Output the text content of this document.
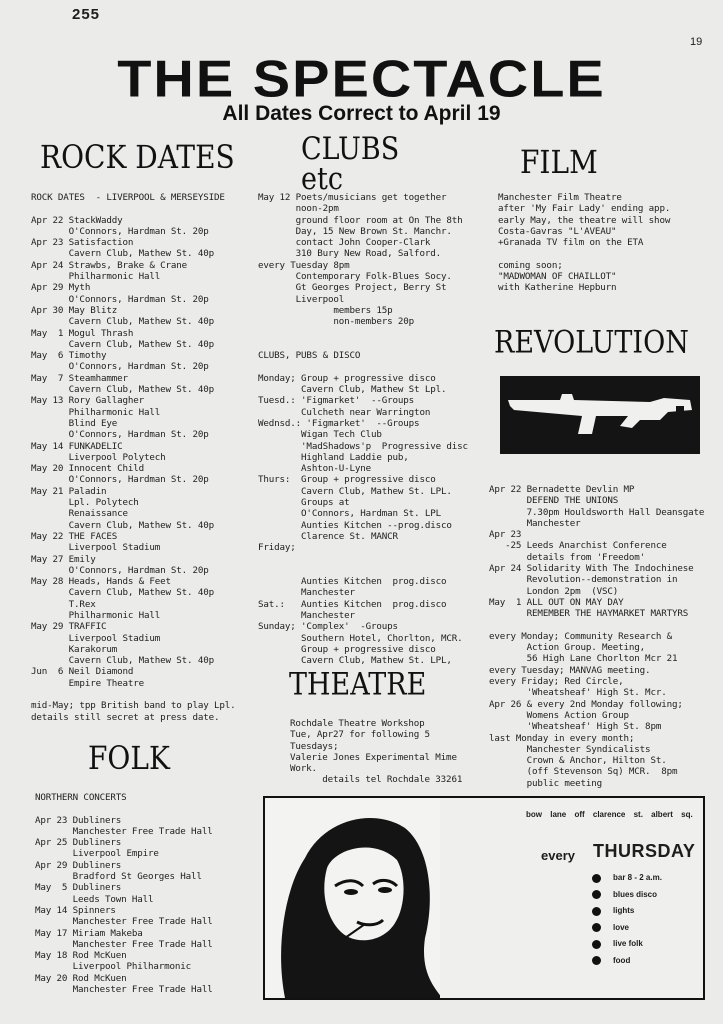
255
19
THE SPECTACLE
All Dates Correct to April 19
ROCK DATES
ROCK DATES  - LIVERPOOL & MERSEYSIDE
Apr 22 StackWaddy
O'Connors, Hardman St. 20p
Apr 23 Satisfaction
Cavern Club, Mathew St. 40p
Apr 24 Strawbs, Brake & Crane
Philharmonic Hall
Apr 29 Myth
O'Connors, Hardman St. 20p
Apr 30 May Blitz
Cavern Club, Mathew St. 40p
May  1 Mogul Thrash
Cavern Club, Mathew St. 40p
May  6 Timothy
O'Connors, Hardman St. 20p
May  7 Steamhammer
Cavern Club, Mathew St. 40p
May 13 Rory Gallagher
Philharmonic Hall
Blind Eye
O'Connors, Hardman St. 20p
May 14 FUNKADELIC
Liverpool Polytech
May 20 Innocent Child
O'Connors, Hardman St. 20p
May 21 Paladin
Lpl. Polytech
Renaissance
Cavern Club, Mathew St. 40p
May 22 THE FACES
Liverpool Stadium
May 27 Emily
O'Connors, Hardman St. 20p
May 28 Heads, Hands & Feet
Cavern Club, Mathew St. 40p
T.Rex
Philharmonic Hall
May 29 TRAFFIC
Liverpool Stadium
Karakorum
Cavern Club, Mathew St. 40p
Jun  6 Neil Diamond
Empire Theatre
mid-May; tpp British band to play Lpl.
details still secret at press date.
FOLK
NORTHERN CONCERTS
Apr 23 Dubliners
Manchester Free Trade Hall
Apr 25 Dubliners
Liverpool Empire
Apr 29 Dubliners
Bradford St Georges Hall
May  5 Dubliners
Leeds Town Hall
May 14 Spinners
Manchester Free Trade Hall
May 17 Miriam Makeba
Manchester Free Trade Hall
May 18 Rod McKuen
Liverpool Philharmonic
May 20 Rod McKuen
Manchester Free Trade Hall
CLUBS
etc
May 12 Poets/musicians get together
noon-2pm
ground floor room at On The 8th
Day, 15 New Brown St. Manchr.
contact John Cooper-Clark
310 Bury New Road, Salford.
every Tuesday 8pm
Contemporary Folk-Blues Socy.
Gt Georges Project, Berry St
Liverpool
members 15p
non-members 20p
CLUBS, PUBS & DISCO
Monday; Group + progressive disco
Cavern Club, Mathew St Lpl.
Tuesd.: 'Figmarket'  --Groups
Culcheth near Warrington
Wednsd.: 'Figmarket'  --Groups
Wigan Tech Club
'MadShadows'p  Progressive disc
Highland Laddie pub,
Ashton-U-Lyne
Thurs:  Group + progressive disco
Cavern Club, Mathew St. LPL.
Groups at
O'Connors, Hardman St. LPL
Aunties Kitchen --prog.disco
Clarence St. MANCR
Friday;
Aunties Kitchen  prog.disco
Manchester
Sat.:   Aunties Kitchen  prog.disco
Manchester
Sunday; 'Complex'  -Groups
Southern Hotel, Chorlton, MCR.
Group + progressive disco
Cavern Club, Mathew St. LPL,
THEATRE
Rochdale Theatre Workshop
Tue, Apr27 for following 5
Tuesdays;
Valerie Jones Experimental Mime
Work.
details tel Rochdale 33261
FILM
Manchester Film Theatre
after 'My Fair Lady' ending app.
early May, the theatre will show
Costa-Gavras "L'AVEAU"
+Granada TV film on the ETA
coming soon;
"MADWOMAN OF CHAILLOT"
with Katherine Hepburn
REVOLUTION
Apr 22 Bernadette Devlin MP
DEFEND THE UNIONS
7.30pm Houldsworth Hall Deansgate
Manchester
Apr 23
-25 Leeds Anarchist Conference
details from 'Freedom'
Apr 24 Solidarity With The Indochinese
Revolution--demonstration in
London 2pm  (VSC)
May  1 ALL OUT ON MAY DAY
REMEMBER THE HAYMARKET MARTYRS
every Monday; Community Research &
Action Group. Meeting,
56 High Lane Chorlton Mcr 21
every Tuesday; MANVAG meeting.
every Friday; Red Circle,
'Wheatsheaf' High St. Mcr.
Apr 26 & every 2nd Monday following;
Womens Action Group
'Wheatsheaf' High St. 8pm
last Monday in every month;
Manchester Syndicalists
Crown & Anchor, Hilton St.
(off Stevenson Sq) MCR.  8pm
public meeting
bow lane off clarence st. albert sq.
every THURSDAY
bar 8 - 2 a.m.
blues disco
lights
love
live folk
food
